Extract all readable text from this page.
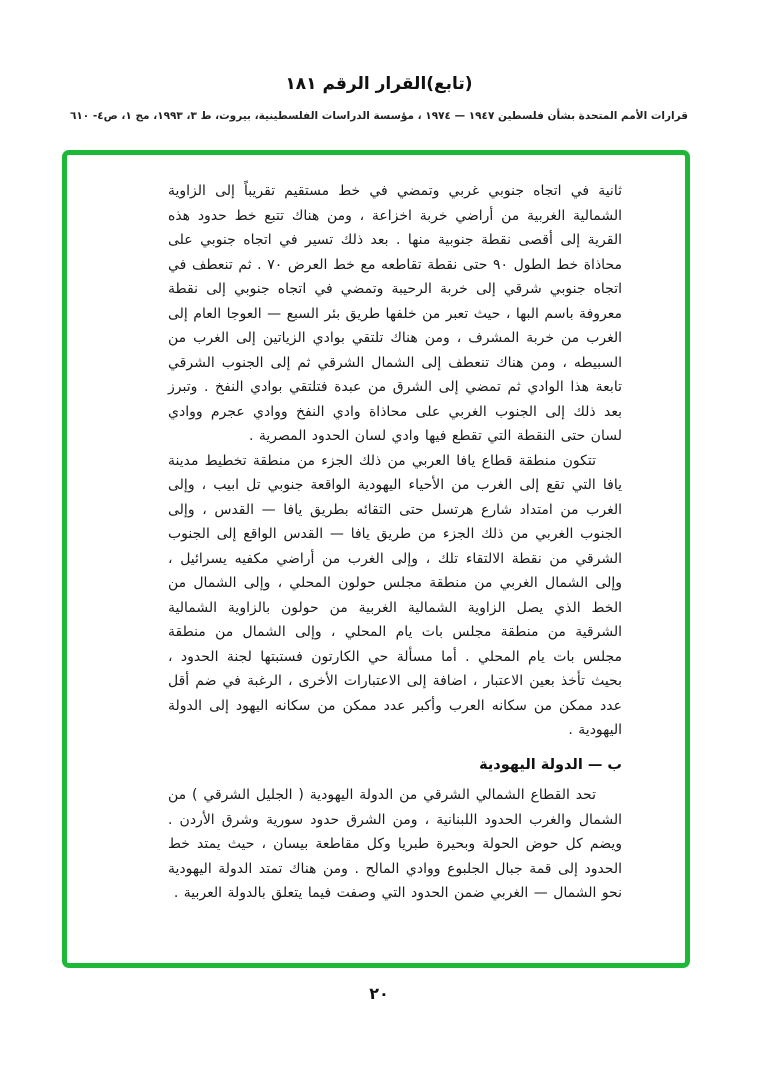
(تابع)القرار الرقم ١٨١
قرارات الأمم المتحدة بشأن فلسطين ١٩٤٧ — ١٩٧٤ ، مؤسسة الدراسات الفلسطينية، بيروت، ط ٣، ١٩٩٣، مج ١، ص٤- ٦١٠

ثانية في اتجاه جنوبي غربي وتمضي في خط مستقيم تقريباً إلى الزاوية الشمالية الغربية من أراضي خربة اخزاعة ، ومن هناك تتبع خط حدود هذه القرية إلى أقصى نقطة جنوبية منها . بعد ذلك تسير في اتجاه جنوبي على محاذاة خط الطول ٩٠ حتى نقطة تقاطعه مع خط العرض ٧٠ . ثم تنعطف في اتجاه جنوبي شرقي إلى خربة الرحيبة وتمضي في اتجاه جنوبي إلى نقطة معروفة باسم البها ، حيث تعبر من خلفها طريق بئر السبع — العوجا العام إلى الغرب من خربة المشرف ، ومن هناك تلتقي بوادي الزياتين إلى الغرب من السبيطه ، ومن هناك تنعطف إلى الشمال الشرقي ثم إلى الجنوب الشرقي تابعة هذا الوادي ثم تمضي إلى الشرق من عبدة فتلتقي بوادي النفخ . وتبرز بعد ذلك إلى الجنوب الغربي على محاذاة وادي النفخ ووادي عجرم ووادي لسان حتى النقطة التي تقطع فيها وادي لسان الحدود المصرية .

تتكون منطقة قطاع يافا العربي من ذلك الجزء من منطقة تخطيط مدينة يافا التي تقع إلى الغرب من الأحياء اليهودية الواقعة جنوبي تل ابيب ، وإلى الغرب من امتداد شارع هرتسل حتى التقائه بطريق يافا — القدس ، وإلى الجنوب الغربي من ذلك الجزء من طريق يافا — القدس الواقع إلى الجنوب الشرقي من نقطة الالتقاء تلك ، وإلى الغرب من أراضي مكفيه يسرائيل ، وإلى الشمال الغربي من منطقة مجلس حولون المحلي ، وإلى الشمال من الخط الذي يصل الزاوية الشمالية الغربية من حولون بالزاوية الشمالية الشرقية من منطقة مجلس بات يام المحلي ، وإلى الشمال من منطقة مجلس بات يام المحلي . أما مسألة حي الكارتون فستبتها لجنة الحدود ، بحيث تأخذ بعين الاعتبار ، اضافة إلى الاعتبارات الأخرى ، الرغبة في ضم أقل عدد ممكن من سكانه العرب وأكبر عدد ممكن من سكانه اليهود إلى الدولة اليهودية .

ب — الدولة اليهودية

تحد القطاع الشمالي الشرقي من الدولة اليهودية ( الجليل الشرقي ) من الشمال والغرب الحدود اللبنانية ، ومن الشرق حدود سورية وشرق الأردن . ويضم كل حوض الحولة وبحيرة طبريا وكل مقاطعة بيسان ، حيث يمتد خط الحدود إلى قمة جبال الجلبوع ووادي المالح . ومن هناك تمتد الدولة اليهودية نحو الشمال — الغربي ضمن الحدود التي وصفت فيما يتعلق بالدولة العربية .

٢٠
